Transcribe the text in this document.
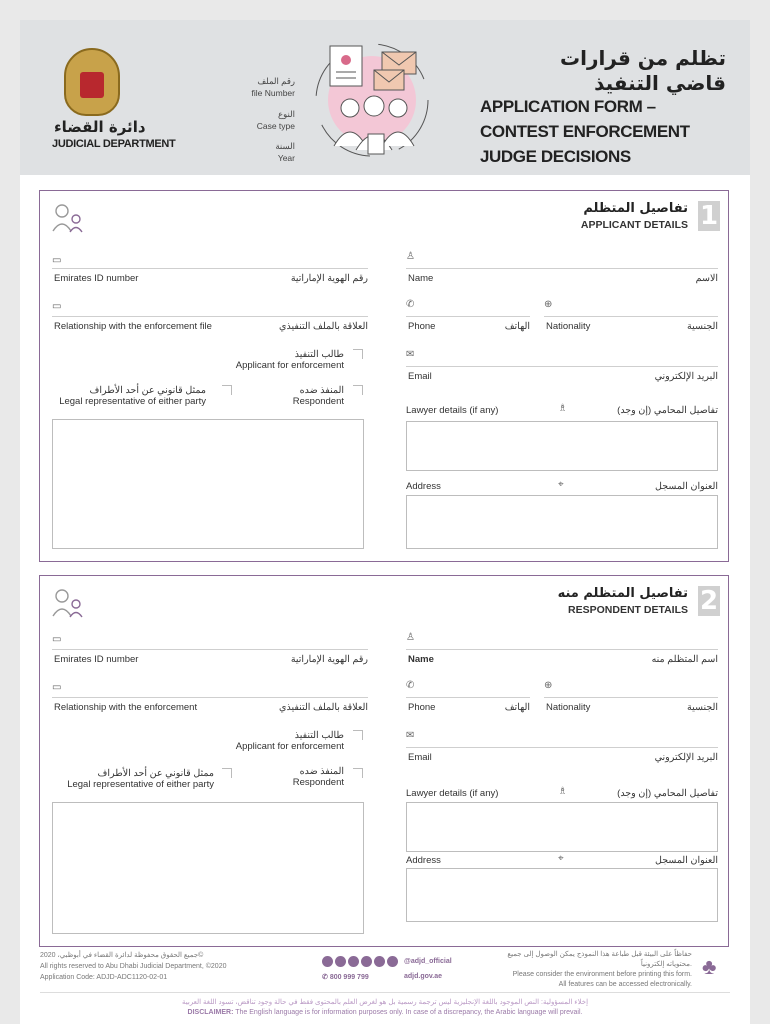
دائرة القضاء
JUDICIAL DEPARTMENT
رقم الملف
file Number
النوع
Case type
السنة
Year
تظلم من قرارات
قاضي التنفيذ
APPLICATION FORM –
CONTEST ENFORCEMENT
JUDGE DECISIONS
1
تفاصيل المتظلم
APPLICANT DETAILS
▭
Emirates ID number	رقم الهوية الإماراتية
▭
Relationship with the enforcement file	العلاقة بالملف التنفيذي
طالب التنفيذ
Applicant for enforcement
ممثل قانوني عن أحد الأطراف
Legal representative of either party
المنفذ ضده
Respondent
♙
Name	الاسم
✆
Phone	الهاتف
⊕
Nationality	الجنسية
✉
Email	البريد الإلكتروني
Lawyer details (if any)	♗	تفاصيل المحامي (إن وجد)
Address	⌖	العنوان المسجل
2
تفاصيل المتظلم منه
RESPONDENT DETAILS
▭
Emirates ID number	رقم الهوية الإماراتية
▭
Relationship with the enforcement	العلاقة بالملف التنفيذي
طالب التنفيذ
Applicant for enforcement
ممثل قانوني عن أحد الأطراف
Legal representative of either party
المنفذ ضده
Respondent
♙
Name	اسم المتظلم منه
✆
Phone	الهاتف
⊕
Nationality	الجنسية
✉
Email	البريد الإلكتروني
Lawyer details (if any)	♗	تفاصيل المحامي (إن وجد)
Address	⌖	العنوان المسجل
جميع الحقوق محفوظة لدائرة القضاء في أبوظبي، 2020©
All rights reserved to Abu Dhabi Judicial Department, ©2020
Application Code: ADJD-ADC1120-02-01
@adjd_official
✆ 800 999 799	adjd.gov.ae
حفاظاً على البيئة قبل طباعة هذا النموذج يمكن الوصول إلى جميع محتوياته إلكترونياً.
Please consider the environment before printing this form.
All features can be accessed electronically.
♣
إخلاء المسؤولية: النص الموجود باللغة الإنجليزية ليس ترجمة رسمية بل هو لغرض العلم بالمحتوى فقط في حالة وجود تناقض، تسود اللغة العربية
DISCLAIMER: The English language is for information purposes only. In case of a discrepancy, the Arabic language will prevail.
